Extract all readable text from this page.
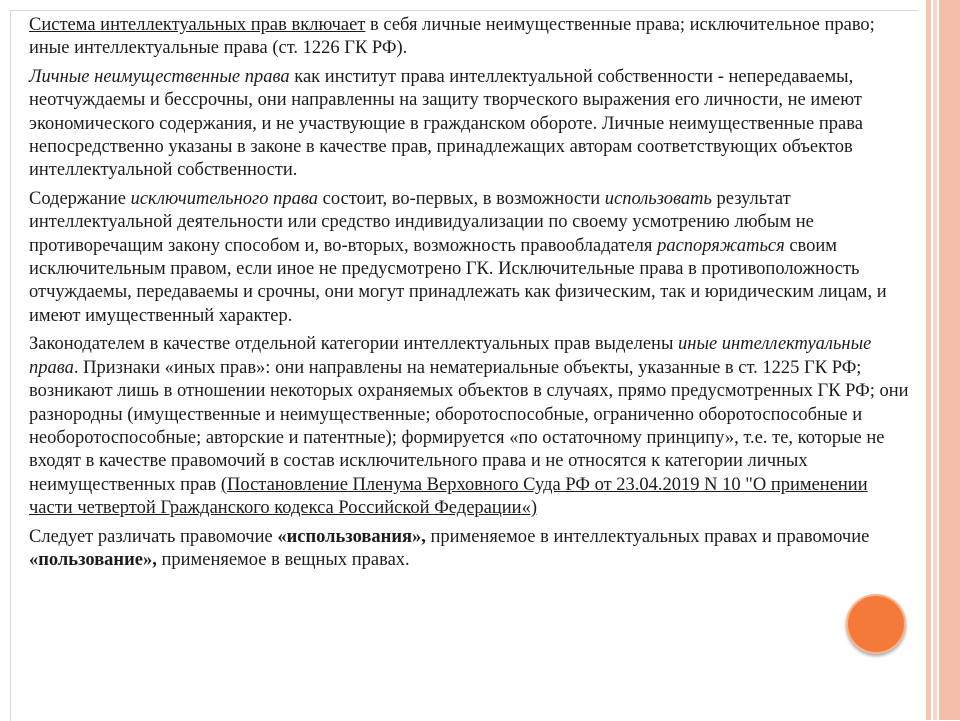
Система интеллектуальных прав включает в себя личные неимущественные права; исключительное право; иные интеллектуальные права (ст. 1226 ГК РФ).

Личные неимущественные права как институт права интеллектуальной собственности - непередаваемы, неотчуждаемы и бессрочны, они направленны на защиту творческого выражения его личности, не имеют экономического содержания, и не участвующие в гражданском обороте. Личные неимущественные права непосредственно указаны в законе в качестве прав, принадлежащих авторам соответствующих объектов интеллектуальной собственности.

Содержание исключительного права состоит, во-первых, в возможности использовать результат интеллектуальной деятельности или средство индивидуализации по своему усмотрению любым не противоречащим закону способом и, во-вторых, возможность правообладателя распоряжаться своим исключительным правом, если иное не предусмотрено ГК. Исключительные права в противоположность отчуждаемы, передаваемы и срочны, они могут принадлежать как физическим, так и юридическим лицам, и имеют имущественный характер.

Законодателем в качестве отдельной категории интеллектуальных прав выделены иные интеллектуальные права. Признаки «иных прав»: они направлены на нематериальные объекты, указанные в ст. 1225 ГК РФ; возникают лишь в отношении некоторых охраняемых объектов в случаях, прямо предусмотренных ГК РФ; они разнородны (имущественные и неимущественные; оборотоспособные, ограниченно оборотоспособные и необоротоспособные; авторские и патентные); формируется «по остаточному принципу», т.е. те, которые не входят в качестве правомочий в состав исключительного права и не относятся к категории личных неимущественных прав (Постановление Пленума Верховного Суда РФ от 23.04.2019 N 10 "О применении части четвертой Гражданского кодекса Российской Федерации«)

Следует различать правомочие «использования», применяемое в интеллектуальных правах и правомочие «пользование», применяемое в вещных правах.
